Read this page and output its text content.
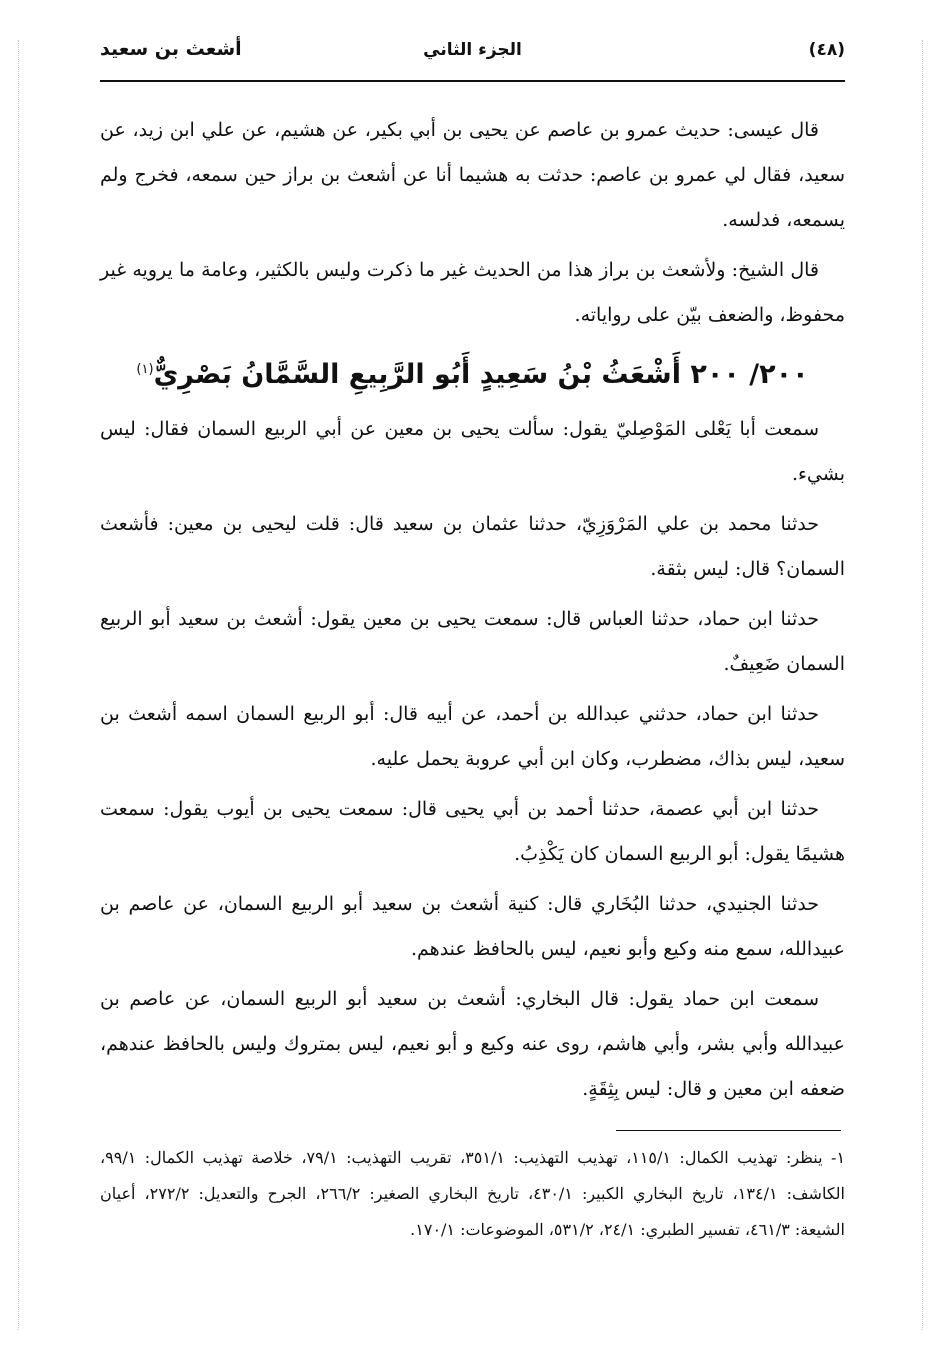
(٤٨)
الجزء الثاني
أشعث بن سعيد

قال عيسى: حديث عمرو بن عاصم عن يحيى بن أبي بكير، عن هشيم، عن علي ابن زيد، عن سعيد، فقال لي عمرو بن عاصم: حدثت به هشيما أنا عن أشعث بن براز حين سمعه، فخرج ولم يسمعه، فدلسه.

قال الشيخ: ولأشعث بن براز هذا من الحديث غير ما ذكرت وليس بالكثير، وعامة ما يرويه غير محفوظ، والضعف بيّن على رواياته.

٢٠٠/ ٢٠٠ أَشْعَثُ بْنُ سَعِيدٍ أَبُو الرَّبِيعِ السَّمَّانُ بَصْرِيٌّ$^{(١)}$

سمعت أبا يَعْلى المَوْصِليّ يقول: سألت يحيى بن معين عن أبي الربيع السمان فقال: ليس بشيء.

حدثنا محمد بن علي المَرْوَزِيّ، حدثنا عثمان بن سعيد قال: قلت ليحيى بن معين: فأشعث السمان؟ قال: ليس بثقة.

حدثنا ابن حماد، حدثنا العباس قال: سمعت يحيى بن معين يقول: أشعث بن سعيد أبو الربيع السمان ضَعِيفٌ.

حدثنا ابن حماد، حدثني عبدالله بن أحمد، عن أبيه قال: أبو الربيع السمان اسمه أشعث بن سعيد، ليس بذاك، مضطرب، وكان ابن أبي عروبة يحمل عليه.

حدثنا ابن أبي عصمة، حدثنا أحمد بن أبي يحيى قال: سمعت يحيى بن أيوب يقول: سمعت هشيمًا يقول: أبو الربيع السمان كان يَكْذِبُ.

حدثنا الجنيدي، حدثنا البُخَاري قال: كنية أشعث بن سعيد أبو الربيع السمان، عن عاصم بن عبيدالله، سمع منه وكيع وأبو نعيم، ليس بالحافظ عندهم.

سمعت ابن حماد يقول: قال البخاري: أشعث بن سعيد أبو الربيع السمان، عن عاصم بن عبيدالله وأبي بشر، وأبي هاشم، روى عنه وكيع و أبو نعيم، ليس بمتروك وليس بالحافظ عندهم، ضعفه ابن معين و قال: ليس بِثِقَةٍ.

١- ينظر: تهذيب الكمال: ١١٥/١، تهذيب التهذيب: ٣٥١/١، تقريب التهذيب: ٧٩/١، خلاصة تهذيب الكمال: ٩٩/١، الكاشف: ١٣٤/١، تاريخ البخاري الكبير: ٤٣٠/١، تاريخ البخاري الصغير: ٢٦٦/٢، الجرح والتعديل: ٢٧٢/٢، أعيان الشيعة: ٤٦١/٣، تفسير الطبري: ٢٤/١، ٥٣١/٢، الموضوعات: ١٧٠/١.
